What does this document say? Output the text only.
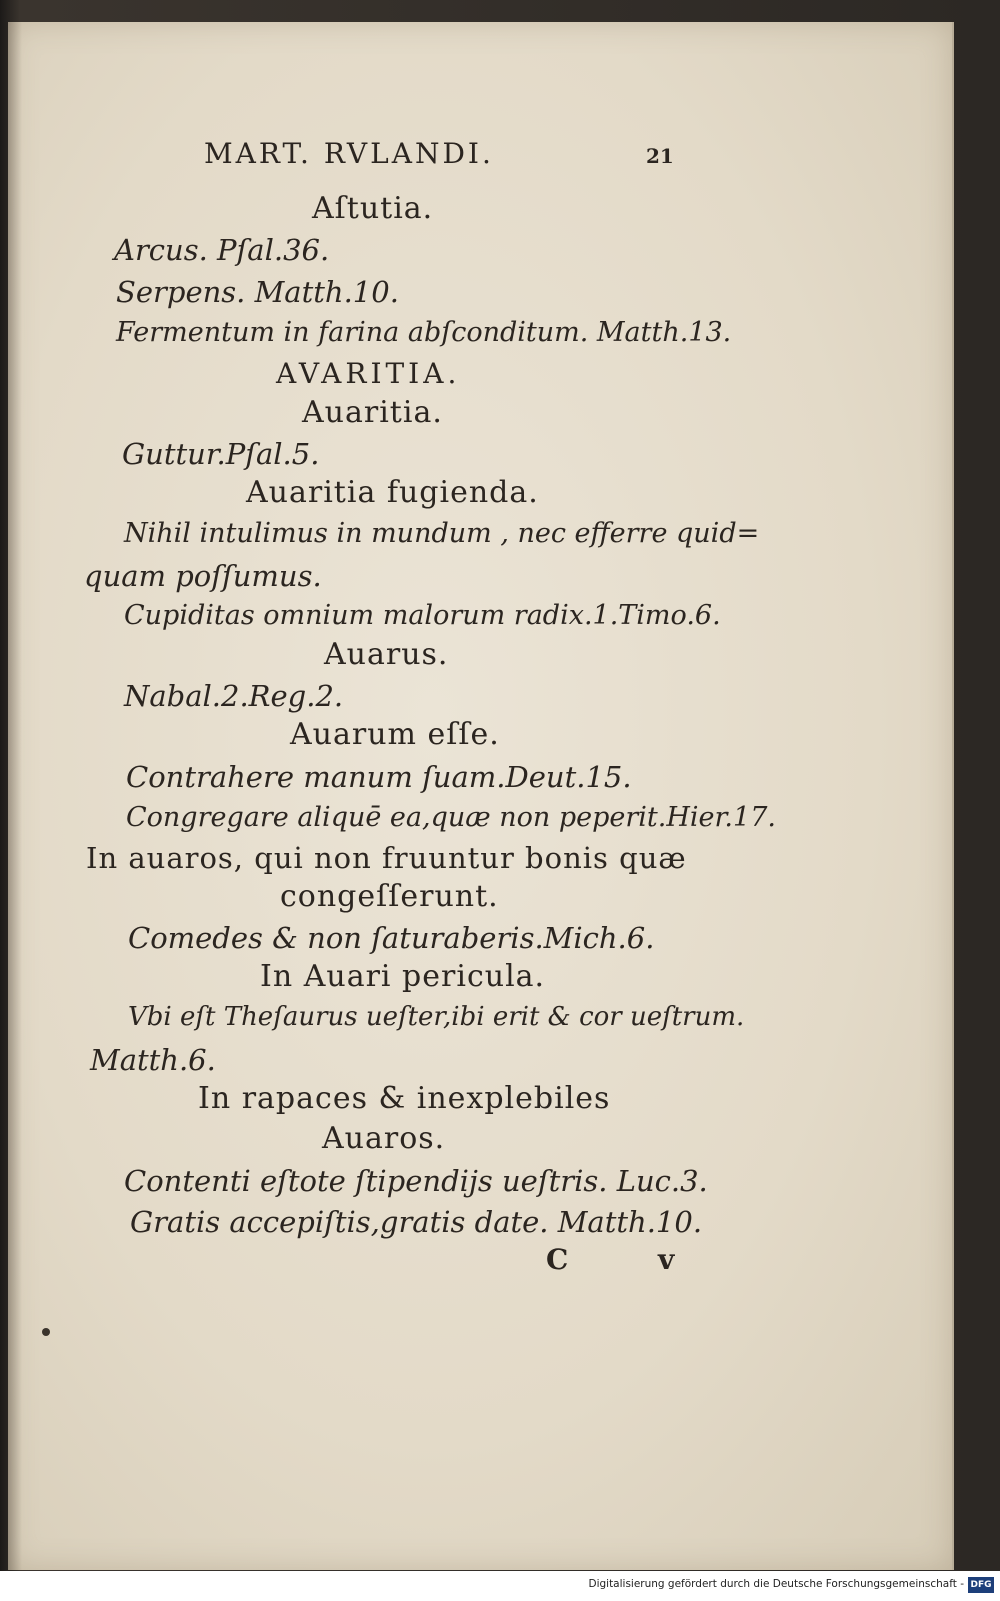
MART. RVLANDI.	21
Aſtutia.
Arcus. Pſal.36.
Serpens. Matth.10.
Fermentum in farina abſconditum. Matth.13.
AVARITIA.
Auaritia.
Guttur.Pſal.5.
Auaritia fugienda.
Nihil intulimus in mundum , nec efferre quid=
quam poſſumus.
Cupiditas omnium malorum radix.1.Timo.6.
Auarus.
Nabal.2.Reg.2.
Auarum eſſe.
Contrahere manum ſuam.Deut.15.
Congregare aliquē ea,quæ non peperit.Hier.17.
In auaros, qui non fruuntur bonis quæ
congeſſerunt.
Comedes & non ſaturaberis.Mich.6.
In Auari pericula.
Vbi eſt Theſaurus ueſter,ibi erit & cor ueſtrum.
Matth.6.
In rapaces & inexplebiles
Auaros.
Contenti eſtote ſtipendijs ueſtris. Luc.3.
Gratis accepiſtis,gratis date. Matth.10.
C v
Digitalisierung gefördert durch die Deutsche Forschungsgemeinschaft - DFG
